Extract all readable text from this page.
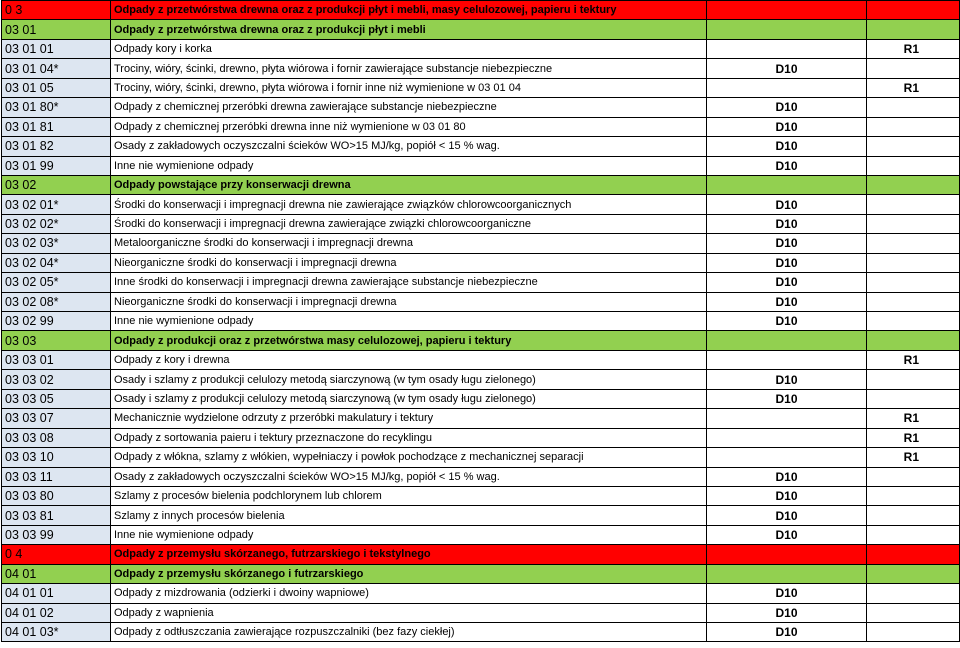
0 3	Odpady z przetwórstwa drewna oraz z produkcji płyt i mebli, masy celulozowej, papieru i tektury		
03 01	Odpady z przetwórstwa drewna oraz z produkcji płyt i mebli		
03 01 01	Odpady kory i korka		R1
03 01 04*	Trociny, wióry, ścinki, drewno, płyta wiórowa i fornir zawierające substancje niebezpieczne	D10	
03 01 05	Trociny, wióry, ścinki, drewno, płyta wiórowa i fornir inne niż wymienione w 03 01 04		R1
03 01 80*	Odpady z chemicznej przeróbki drewna zawierające substancje niebezpieczne	D10	
03 01 81	Odpady z chemicznej przeróbki drewna inne niż wymienione w 03 01 80	D10	
03 01 82	Osady z zakładowych oczyszczalni ścieków WO>15 MJ/kg, popiół < 15 % wag.	D10	
03 01 99	Inne nie wymienione odpady	D10	
03 02	Odpady powstające przy konserwacji drewna		
03 02 01*	Środki do konserwacji i impregnacji drewna nie zawierające związków chlorowcoorganicznych	D10	
03 02 02*	Środki do konserwacji i impregnacji drewna zawierające związki chlorowcoorganiczne	D10	
03 02 03*	Metaloorganiczne środki do konserwacji i impregnacji drewna	D10	
03 02 04*	Nieorganiczne środki do konserwacji i impregnacji drewna	D10	
03 02 05*	Inne środki do konserwacji i impregnacji drewna zawierające substancje niebezpieczne	D10	
03 02 08*	Nieorganiczne środki do konserwacji i impregnacji drewna	D10	
03 02 99	Inne nie wymienione odpady	D10	
03 03	Odpady z produkcji oraz z przetwórstwa masy celulozowej, papieru i tektury		
03 03 01	Odpady z kory i drewna		R1
03 03 02	Osady i szlamy z produkcji celulozy metodą siarczynową (w tym osady ługu zielonego)	D10	
03 03 05	Osady i szlamy z produkcji celulozy metodą siarczynową (w tym osady ługu zielonego)	D10	
03 03 07	Mechanicznie wydzielone odrzuty z przeróbki makulatury i tektury		R1
03 03 08	Odpady z sortowania paieru i tektury przeznaczone do recyklingu		R1
03 03 10	Odpady z włókna, szlamy z włókien, wypełniaczy i powłok pochodzące z mechanicznej separacji		R1
03 03 11	Osady z zakładowych oczyszczalni ścieków WO>15 MJ/kg, popiół < 15 % wag.	D10	
03 03 80	Szlamy z procesów bielenia podchlorynem lub chlorem	D10	
03 03 81	Szlamy z innych procesów bielenia	D10	
03 03 99	Inne nie wymienione odpady	D10	
0 4	Odpady z przemysłu skórzanego, futrzarskiego i tekstylnego		
04 01	Odpady z przemysłu skórzanego i futrzarskiego		
04 01 01	Odpady z mizdrowania (odzierki i dwoiny wapniowe)	D10	
04 01 02	Odpady z wapnienia	D10	
04 01 03*	Odpady z odtłuszczania zawierające rozpuszczalniki (bez fazy ciekłej)	D10	
